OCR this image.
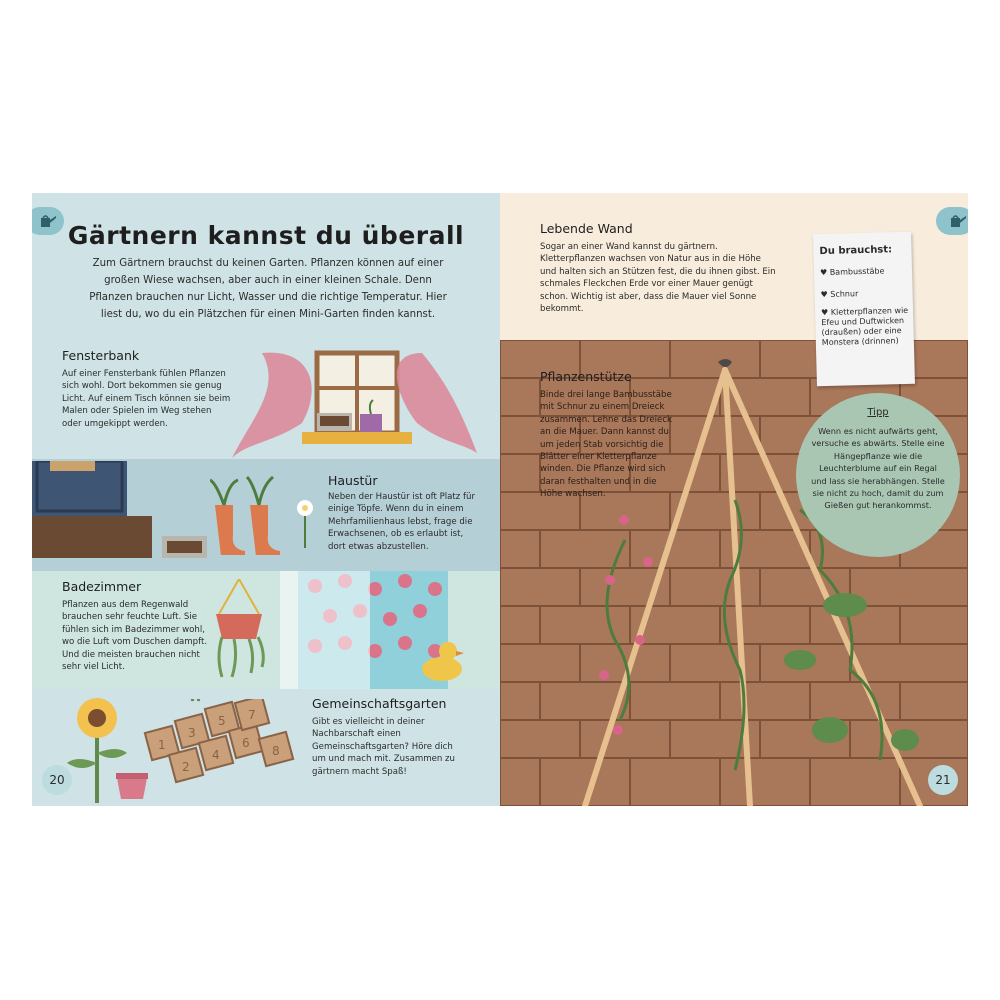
Gärtnern kannst du überall
Zum Gärtnern brauchst du keinen Garten. Pflanzen können auf einer großen Wiese wachsen, aber auch in einer kleinen Schale. Denn Pflanzen brauchen nur Licht, Wasser und die richtige Temperatur. Hier liest du, wo du ein Plätzchen für einen Mini-Garten finden kannst.
Fensterbank
Auf einer Fensterbank fühlen Pflanzen sich wohl. Dort bekommen sie genug Licht. Auf einem Tisch können sie beim Malen oder Spielen im Weg stehen oder umgekippt werden.
Haustür
Neben der Haustür ist oft Platz für einige Töpfe. Wenn du in einem Mehrfamilienhaus lebst, frage die Erwachsenen, ob es erlaubt ist, dort etwas abzustellen.
Badezimmer
Pflanzen aus dem Regenwald brauchen sehr feuchte Luft. Sie fühlen sich im Badezimmer wohl, wo die Luft vom Duschen dampft. Und die meisten brauchen nicht sehr viel Licht.
1
2
3
4
5
6
7
8
Gemeinschaftsgarten
Gibt es vielleicht in deiner Nachbarschaft einen Gemeinschaftsgarten? Höre dich um und mach mit. Zusammen zu gärtnern macht Spaß!
20
Lebende Wand
Sogar an einer Wand kannst du gärtnern. Kletterpflanzen wachsen von Natur aus in die Höhe und halten sich an Stützen fest, die du ihnen gibst. Ein schmales Fleckchen Erde vor einer Mauer genügt schon. Wichtig ist aber, dass die Mauer viel Sonne bekommt.
Du brauchst:
♥ Bambusstäbe
♥ Schnur
♥ Kletterpflanzen wie Efeu und Duftwicken (draußen) oder eine Monstera (drinnen)
Pflanzenstütze
Binde drei lange Bambusstäbe mit Schnur zu einem Dreieck zusammen. Lehne das Dreieck an die Mauer. Dann kannst du um jeden Stab vorsichtig die Blätter einer Kletterpflanze winden. Die Pflanze wird sich daran festhalten und in die Höhe wachsen.
Tipp
Wenn es nicht aufwärts geht, versuche es abwärts. Stelle eine Hängepflanze wie die Leuchterblume auf ein Regal und lass sie herabhängen. Stelle sie nicht zu hoch, damit du zum Gießen gut herankommst.
21
